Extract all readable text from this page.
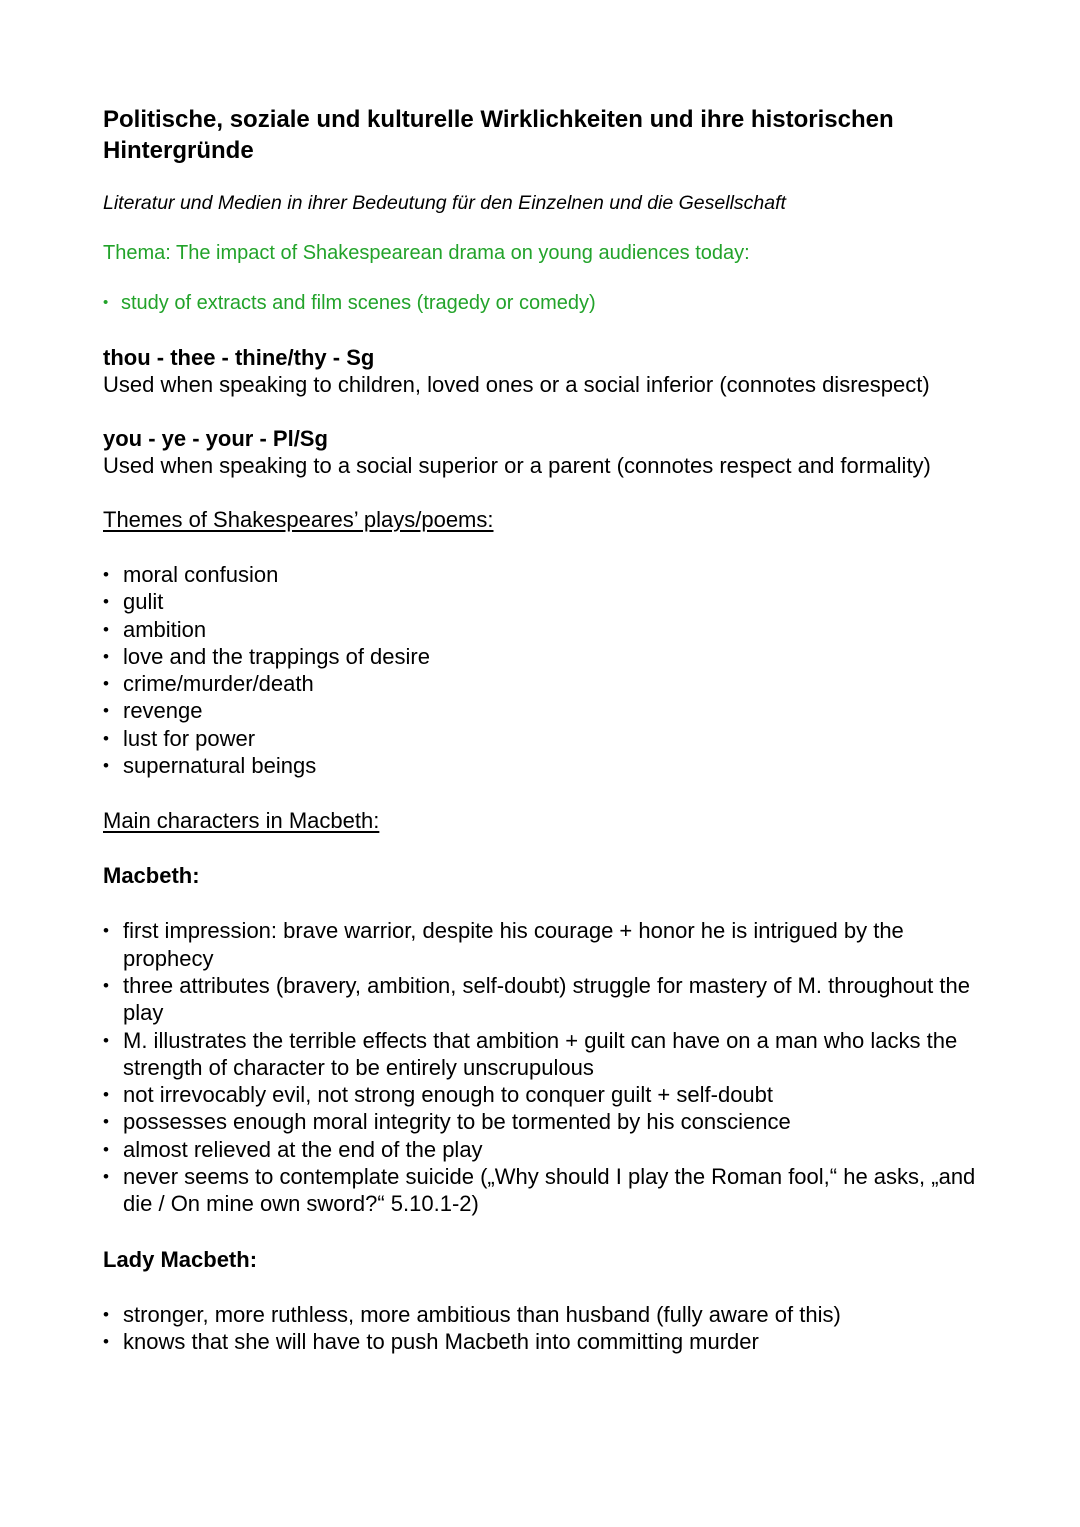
Politische, soziale und kulturelle Wirklichkeiten und ihre historischen Hintergründe

Literatur und Medien in ihrer Bedeutung für den Einzelnen und die Gesellschaft

Thema: The impact of Shakespearean drama on young audiences today:

• study of extracts and film scenes (tragedy or comedy)

thou - thee - thine/thy - Sg

Used when speaking to children, loved ones or a social inferior (connotes disrespect)

you - ye - your - Pl/Sg

Used when speaking to a social superior or a parent (connotes respect and formality)

Themes of Shakespeares’ plays/poems:

• moral confusion
• gulit
• ambition
• love and the trappings of desire
• crime/murder/death
• revenge
• lust for power
• supernatural beings

Main characters in Macbeth:

Macbeth:

• first impression: brave warrior, despite his courage + honor he is intrigued by the prophecy
• three attributes (bravery, ambition, self-doubt) struggle for mastery of M. throughout the play
• M. illustrates the terrible effects that ambition + guilt can have on a man who lacks the strength of character to be entirely unscrupulous
• not irrevocably evil, not strong enough to conquer guilt + self-doubt
• possesses enough moral integrity to be tormented by his conscience
• almost relieved at the end of the play
• never seems to contemplate suicide („Why should I play the Roman fool,“ he asks, „and die / On mine own sword?“ 5.10.1-2)

Lady Macbeth:

• stronger, more ruthless, more ambitious than husband (fully aware of this)
• knows that she will have to push Macbeth into committing murder
